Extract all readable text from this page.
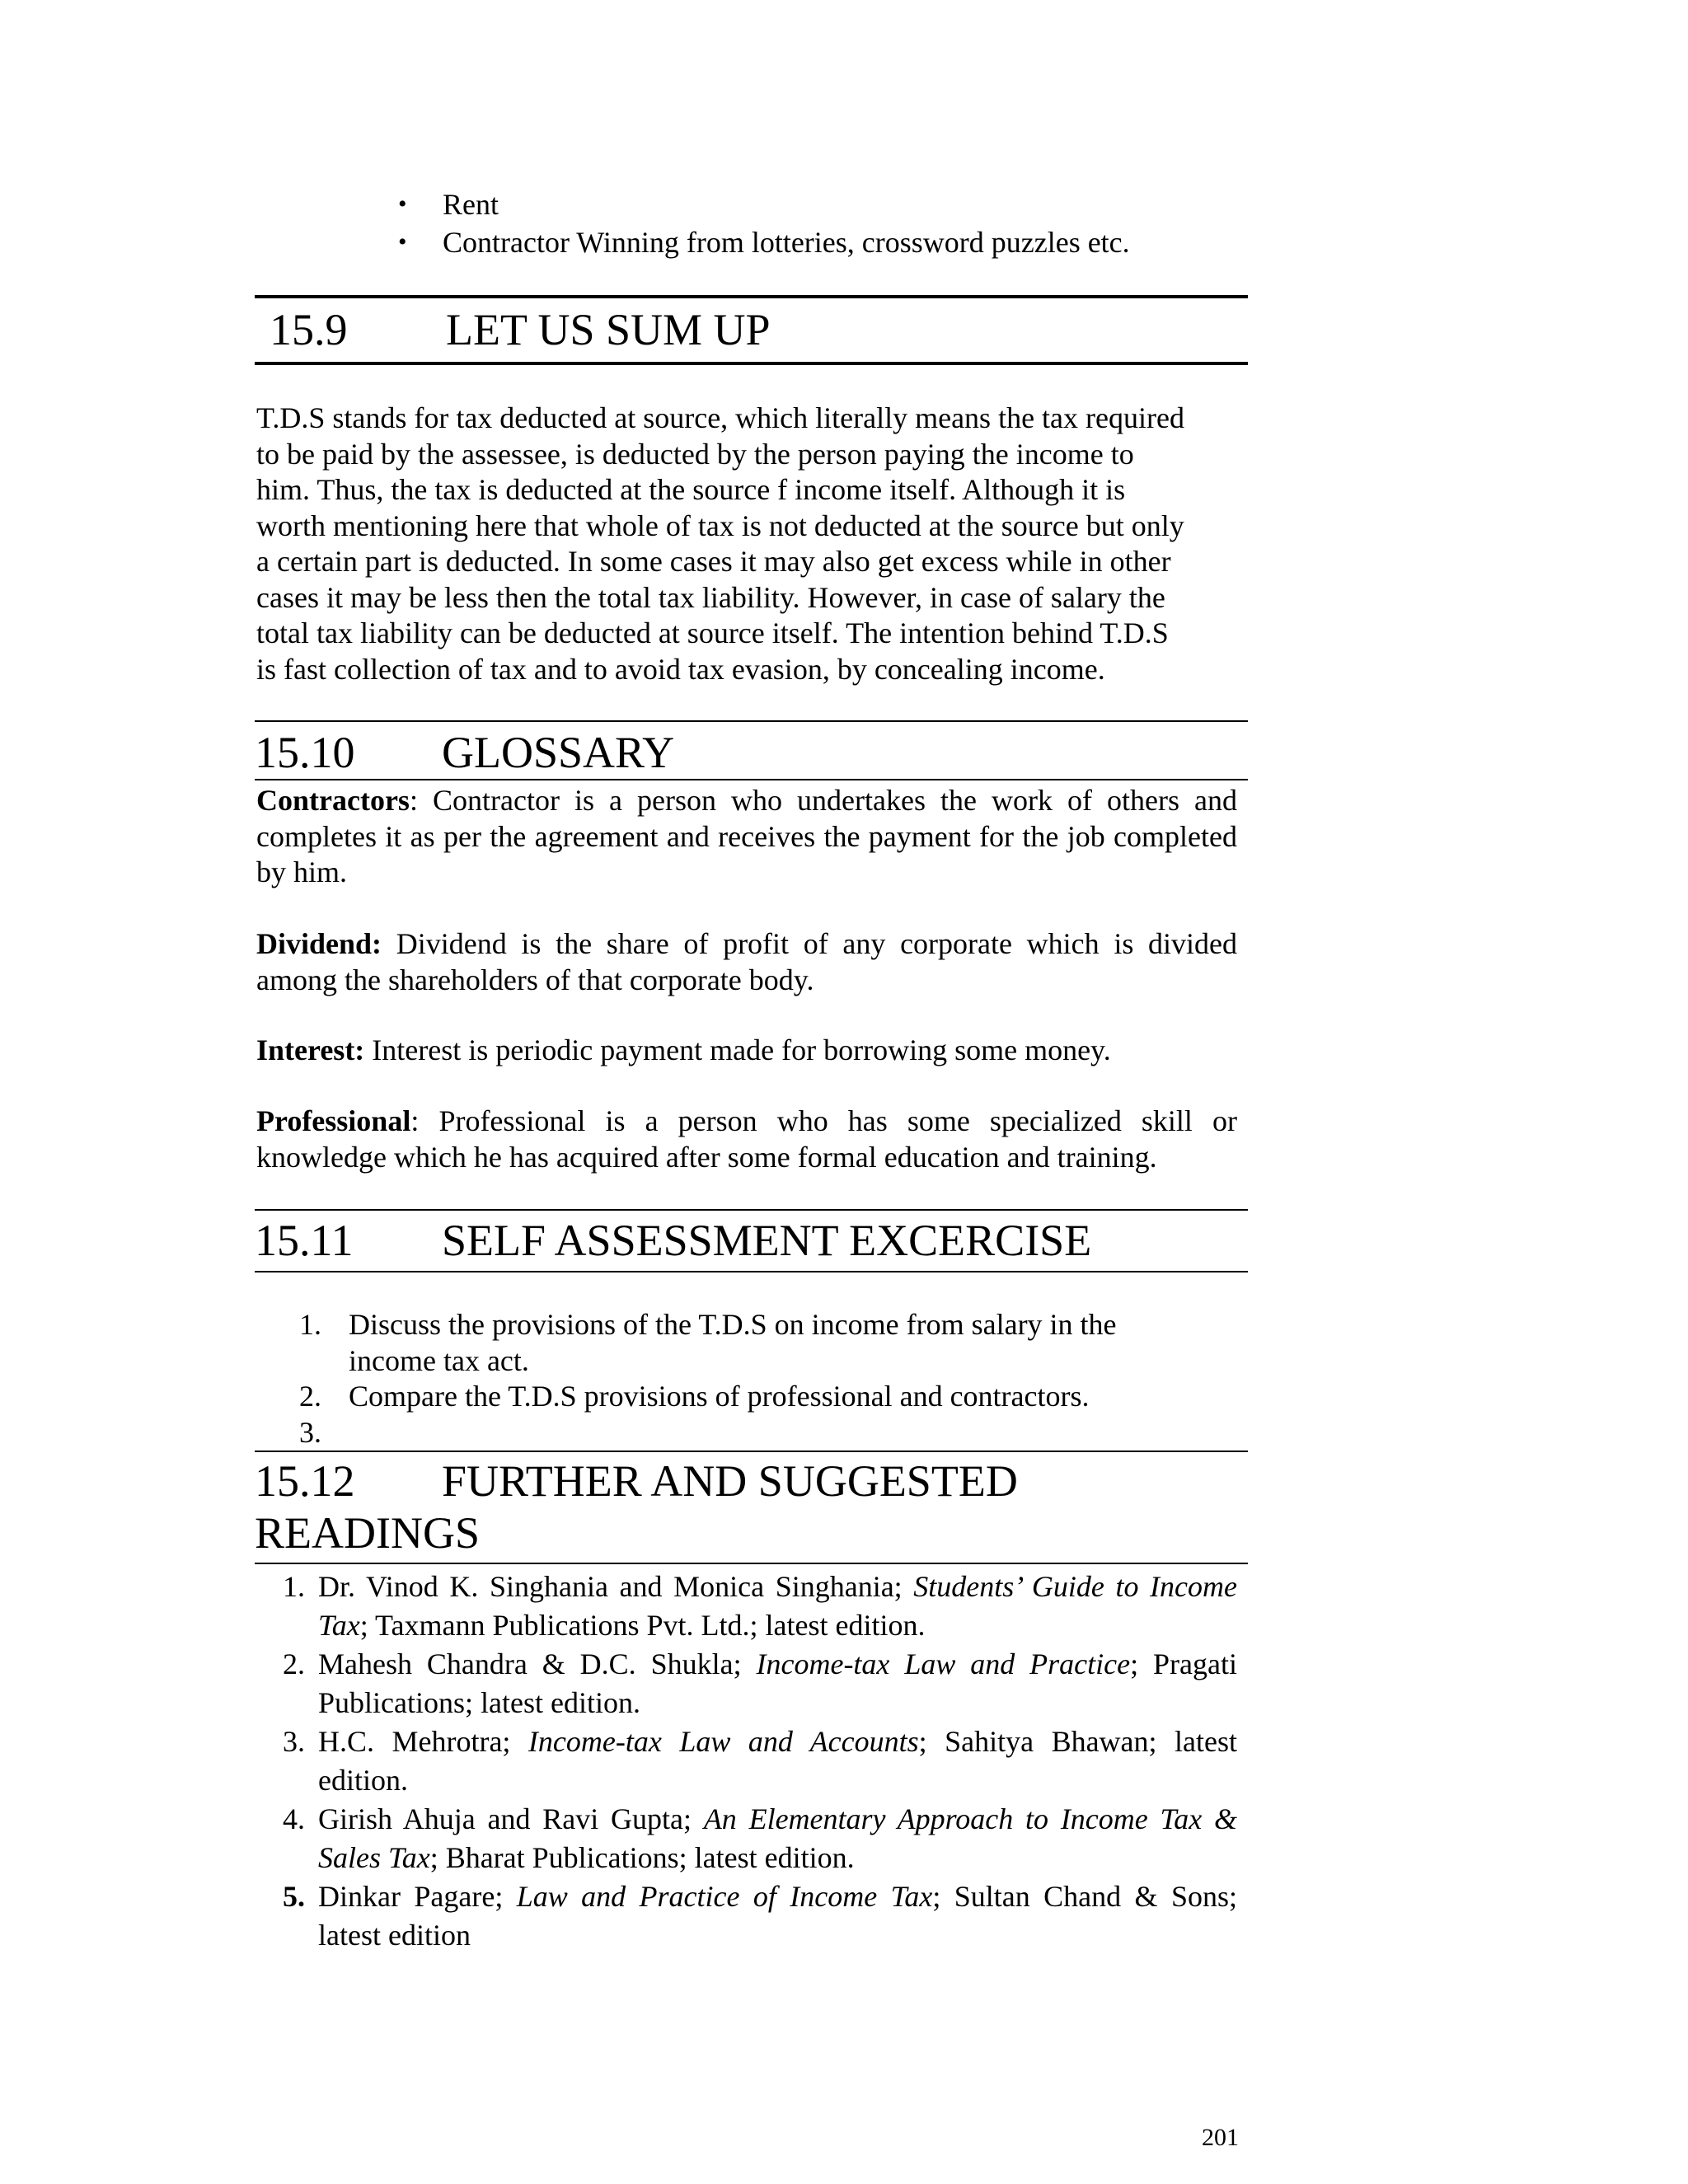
• Rent
• Contractor Winning from lotteries, crossword puzzles etc.
15.9 LET US SUM UP
T.D.S stands for tax deducted at source, which literally means the tax required
to be paid by the assessee, is deducted by the person paying the income to
him. Thus, the tax is deducted at the source f income itself. Although it is
worth mentioning here that whole of tax is not deducted at the source but only
a certain part is deducted. In some cases it may also get excess while in other
cases it may be less then the total tax liability. However, in case of salary the
total tax liability can be deducted at source itself. The intention behind T.D.S
is fast collection of tax and to avoid tax evasion, by concealing income.
15.10 GLOSSARY
Contractors: Contractor is a person who undertakes the work of others and completes it as per the agreement and receives the payment for the job completed by him.
Dividend: Dividend is the share of profit of any corporate which is divided among the shareholders of that corporate body.
Interest: Interest is periodic payment made for borrowing some money.
Professional: Professional is a person who has some specialized skill or knowledge which he has acquired after some formal education and training.
15.11 SELF ASSESSMENT EXCERCISE
1. Discuss the provisions of the T.D.S on income from salary in the
income tax act.
2. Compare the T.D.S provisions of professional and contractors.
3.
15.12 FURTHER AND SUGGESTED
READINGS
1. Dr. Vinod K. Singhania and Monica Singhania; Students’ Guide to Income Tax; Taxmann Publications Pvt. Ltd.; latest edition.
2. Mahesh Chandra & D.C. Shukla; Income-tax Law and Practice; Pragati Publications; latest edition.
3. H.C. Mehrotra; Income-tax Law and Accounts; Sahitya Bhawan; latest edition.
4. Girish Ahuja and Ravi Gupta; An Elementary Approach to Income Tax & Sales Tax; Bharat Publications; latest edition.
5. Dinkar Pagare; Law and Practice of Income Tax; Sultan Chand & Sons; latest edition
201
